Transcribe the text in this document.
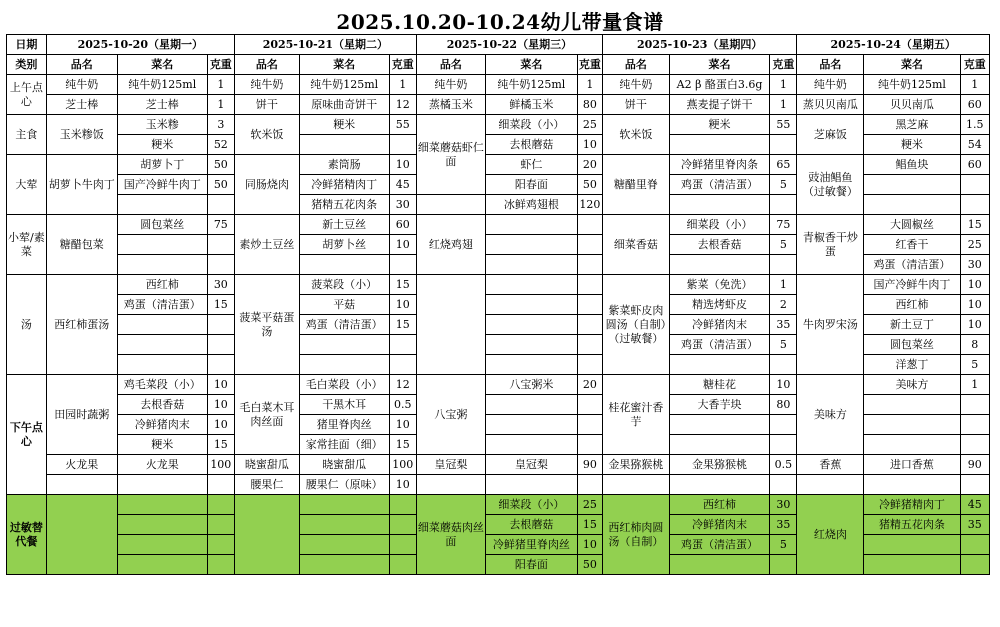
2025.10.20-10.24幼儿带量食谱
日期	2025-10-20（星期一）			2025-10-21（星期二）			2025-10-22（星期三）			2025-10-23（星期四）			2025-10-24（星期五）		
类别	品名	菜名	克重	品名	菜名	克重	品名	菜名	克重	品名	菜名	克重	品名	菜名	克重
上午点心	纯牛奶	纯牛奶125ml	1	纯牛奶	纯牛奶125ml	1	纯牛奶	纯牛奶125ml	1	纯牛奶	A2 β 酪蛋白3.6g	1	纯牛奶	纯牛奶125ml	1
	芝士棒	芝士棒	1	饼干	原味曲奇饼干	12	蒸橘玉米	鲜橘玉米	80	饼干	燕麦提子饼干	1	蒸贝贝南瓜	贝贝南瓜	60
主食	玉米糁饭	玉米糁	3	软米饭	粳米	55	细菜蘑菇虾仁面	细菜段（小）	25	软米饭	粳米	55	芝麻饭	黑芝麻	1.5
		粳米	52					去根蘑菇	10					粳米	54
大荤	胡萝卜牛肉丁	胡萝卜丁	50	同肠烧肉	素筒肠	10		虾仁	20	糖醋里脊	冷鲜猪里脊肉条	65	豉油鲳鱼（过敏餐）	鲳鱼块	60
		国产冷鲜牛肉丁	50		冷鲜猪精肉丁	45		阳春面	50		鸡蛋（清洁蛋）	5			
					猪精五花肉条	30		冰鲜鸡翅根	120						
小荤/素菜	糖醋包菜	圆包菜丝	75	素炒土豆丝	新土豆丝	60	红烧鸡翅			细菜香菇	细菜段（小）	75	青椒香干炒蛋	大圆椒丝	15
					胡萝卜丝	10					去根香菇	5		红香干	25
														鸡蛋（清洁蛋）	30
汤	西红柿蛋汤	西红柿	30	菠菜平菇蛋汤	菠菜段（小）	15				紫菜虾皮肉圆汤（自制）（过敏餐）	紫菜（免洗）	1	牛肉罗宋汤	国产冷鲜牛肉丁	10
		鸡蛋（清洁蛋）	15		平菇	10					精选烤虾皮	2		西红柿	10
					鸡蛋（清洁蛋）	15					冷鲜猪肉末	35		新土豆丁	10
											鸡蛋（清洁蛋）	5		圆包菜丝	8
														洋葱丁	5
下午点心	田园时蔬粥	鸡毛菜段（小）	10	毛白菜木耳肉丝面	毛白菜段（小）	12	八宝粥	八宝粥米	20	桂花蜜汁香芋	糖桂花	10	美味方	美味方	1
		去根香菇	10		干黑木耳	0.5					大香芋块	80			
		冷鲜猪肉末	10		猪里脊肉丝	10									
		粳米	15		家常挂面（细）	15									
	火龙果	火龙果	100	晓蜜甜瓜	晓蜜甜瓜	100	皇冠梨	皇冠梨	90	金果猕猴桃	金果猕猴桃	0.5	香蕉	进口香蕉	90
				腰果仁	腰果仁（原味）	10									
过敏替代餐							细菜蘑菇肉丝面	细菜段（小）	25	西红柿肉圆汤（自制）	西红柿	30	红烧肉	冷鲜猪精肉丁	45
								去根蘑菇	15		冷鲜猪肉末	35		猪精五花肉条	35
								冷鲜猪里脊肉丝	10		鸡蛋（清洁蛋）	5			
								阳春面	50						
